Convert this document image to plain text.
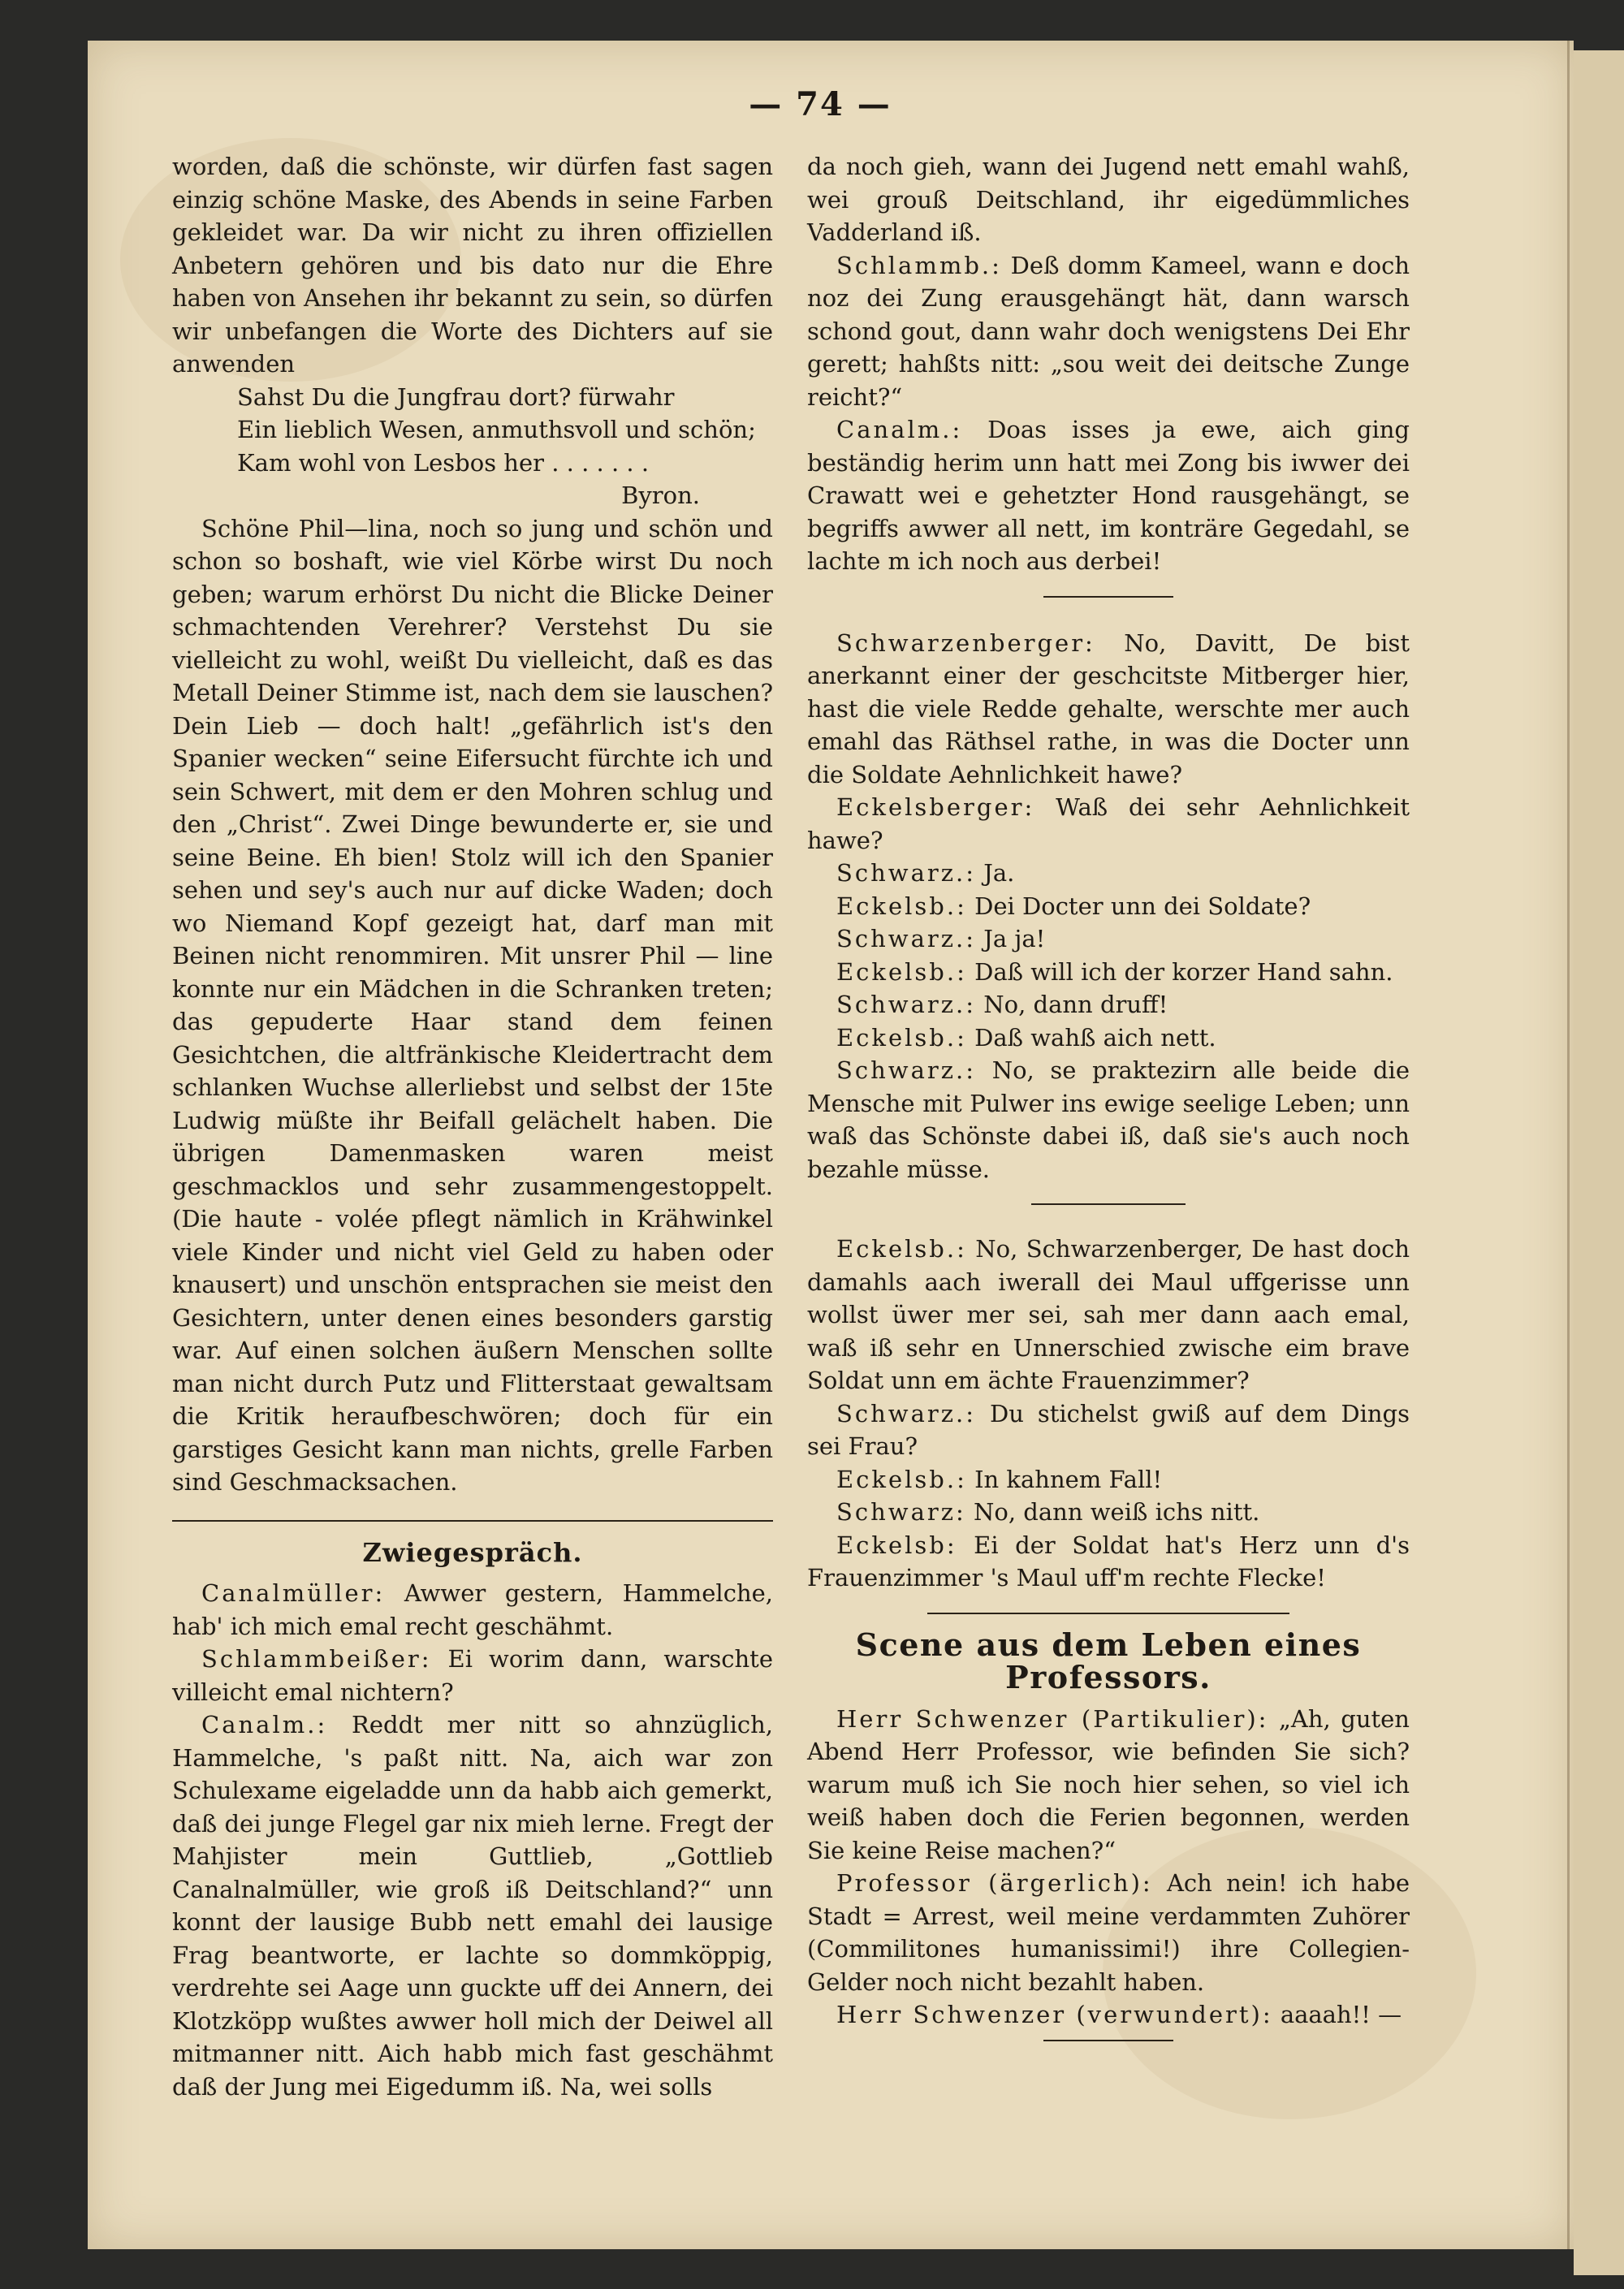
— 74 —
worden, daß die schönste, wir dürfen fast sagen einzig schöne Maske, des Abends in seine Farben gekleidet war. Da wir nicht zu ihren offiziellen Anbetern gehören und bis dato nur die Ehre haben von Ansehen ihr bekannt zu sein, so dürfen wir unbefangen die Worte des Dichters auf sie anwenden
Sahst Du die Jungfrau dort? fürwahr
Ein lieblich Wesen, anmuthsvoll und schön;
Kam wohl von Lesbos her . . . . . . .
Byron.
Schöne Phil—lina, noch so jung und schön und schon so boshaft, wie viel Körbe wirst Du noch geben; warum erhörst Du nicht die Blicke Deiner schmachtenden Verehrer? Verstehst Du sie vielleicht zu wohl, weißt Du vielleicht, daß es das Metall Deiner Stimme ist, nach dem sie lauschen? Dein Lieb — doch halt! „gefährlich ist's den Spanier wecken“ seine Eifersucht fürchte ich und sein Schwert, mit dem er den Mohren schlug und den „Christ“. Zwei Dinge bewunderte er, sie und seine Beine. Eh bien! Stolz will ich den Spanier sehen und sey's auch nur auf dicke Waden; doch wo Niemand Kopf gezeigt hat, darf man mit Beinen nicht renommiren. Mit unsrer Phil — line konnte nur ein Mädchen in die Schranken treten; das gepuderte Haar stand dem feinen Gesichtchen, die altfränkische Kleidertracht dem schlanken Wuchse allerliebst und selbst der 15te Ludwig müßte ihr Beifall gelächelt haben. Die übrigen Damenmasken waren meist geschmacklos und sehr zusammengestoppelt. (Die haute - volée pflegt nämlich in Krähwinkel viele Kinder und nicht viel Geld zu haben oder knausert) und unschön entsprachen sie meist den Gesichtern, unter denen eines besonders garstig war. Auf einen solchen äußern Menschen sollte man nicht durch Putz und Flitterstaat gewaltsam die Kritik heraufbeschwören; doch für ein garstiges Gesicht kann man nichts, grelle Farben sind Geschmacksachen.
Zwiegespräch.
Canalmüller: Awwer gestern, Hammelche, hab' ich mich emal recht geschähmt.
Schlammbeißer: Ei worim dann, warschte villeicht emal nichtern?
Canalm.: Reddt mer nitt so ahnzüglich, Hammelche, 's paßt nitt. Na, aich war zon Schulexame eigeladde unn da habb aich gemerkt, daß dei junge Flegel gar nix mieh lerne. Fregt der Mahjister mein Guttlieb, „Gottlieb Canalnalmüller, wie groß iß Deitschland?“ unn konnt der lausige Bubb nett emahl dei lausige Frag beantworte, er lachte so dommköppig, verdrehte sei Aage unn guckte uff dei Annern, dei Klotzköpp wußtes awwer holl mich der Deiwel all mitmanner nitt. Aich habb mich fast geschähmt daß der Jung mei Eigedumm iß. Na, wei solls
da noch gieh, wann dei Jugend nett emahl wahß, wei grouß Deitschland, ihr eigedümmliches Vadderland iß.
Schlammb.: Deß domm Kameel, wann e doch noz dei Zung erausgehängt hät, dann warsch schond gout, dann wahr doch wenigstens Dei Ehr gerett; hahßts nitt: „sou weit dei deitsche Zunge reicht?“
Canalm.: Doas isses ja ewe, aich ging beständig herim unn hatt mei Zong bis iwwer dei Crawatt wei e gehetzter Hond rausgehängt, se begriffs awwer all nett, im konträre Gegedahl, se lachte m ich noch aus derbei!
Schwarzenberger: No, Davitt, De bist anerkannt einer der geschcitste Mitberger hier, hast die viele Redde gehalte, werschte mer auch emahl das Räthsel rathe, in was die Docter unn die Soldate Aehnlichkeit hawe?
Eckelsberger: Waß dei sehr Aehnlichkeit hawe?
Schwarz.: Ja.
Eckelsb.: Dei Docter unn dei Soldate?
Schwarz.: Ja ja!
Eckelsb.: Daß will ich der korzer Hand sahn.
Schwarz.: No, dann druff!
Eckelsb.: Daß wahß aich nett.
Schwarz.: No, se praktezirn alle beide die Mensche mit Pulwer ins ewige seelige Leben; unn waß das Schönste dabei iß, daß sie's auch noch bezahle müsse.
Eckelsb.: No, Schwarzenberger, De hast doch damahls aach iwerall dei Maul uffgerisse unn wollst üwer mer sei, sah mer dann aach emal, waß iß sehr en Unnerschied zwische eim brave Soldat unn em ächte Frauenzimmer?
Schwarz.: Du stichelst gwiß auf dem Dings sei Frau?
Eckelsb.: In kahnem Fall!
Schwarz: No, dann weiß ichs nitt.
Eckelsb: Ei der Soldat hat's Herz unn d's Frauenzimmer 's Maul uff'm rechte Flecke!
Scene aus dem Leben eines Professors.
Herr Schwenzer (Partikulier): „Ah, guten Abend Herr Professor, wie befinden Sie sich? warum muß ich Sie noch hier sehen, so viel ich weiß haben doch die Ferien begonnen, werden Sie keine Reise machen?“
Professor (ärgerlich): Ach nein! ich habe Stadt = Arrest, weil meine verdammten Zuhörer (Commilitones humanissimi!) ihre Collegien-Gelder noch nicht bezahlt haben.
Herr Schwenzer (verwundert): aaaah!! —
